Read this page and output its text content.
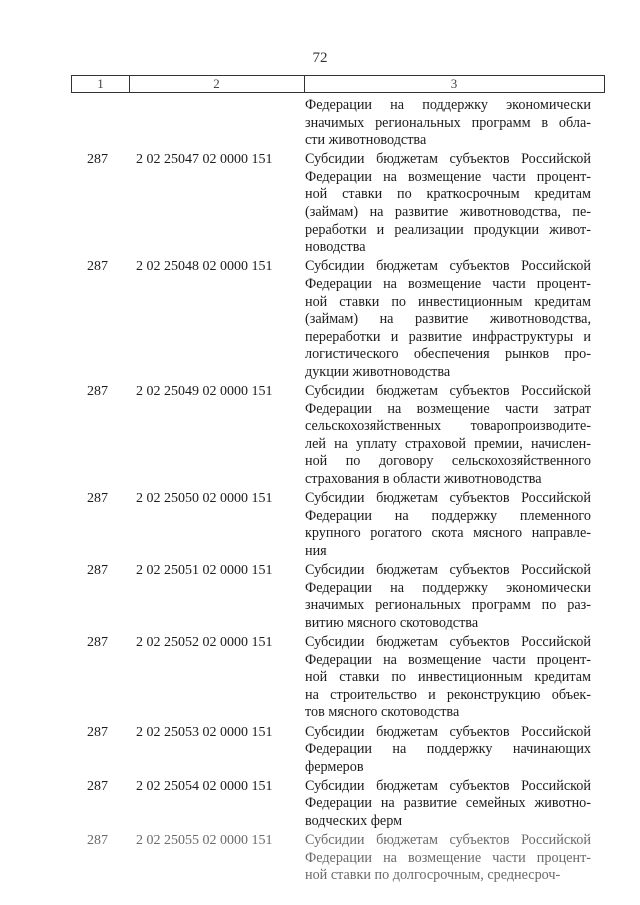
72
1	2	3
Федерации на поддержку экономически
значимых региональных программ в обла-
сти животноводства
287	2 02 25047 02 0000 151	Субсидии бюджетам субъектов Российской
Федерации на возмещение части процент-
ной ставки по краткосрочным кредитам
(займам) на развитие животноводства, пе-
реработки и реализации продукции живот-
новодства
287	2 02 25048 02 0000 151	Субсидии бюджетам субъектов Российской
Федерации на возмещение части процент-
ной ставки по инвестиционным кредитам
(займам) на развитие животноводства,
переработки и развитие инфраструктуры и
логистического обеспечения рынков про-
дукции животноводства
287	2 02 25049 02 0000 151	Субсидии бюджетам субъектов Российской
Федерации на возмещение части затрат
сельскохозяйственных товаропроизводите-
лей на уплату страховой премии, начислен-
ной по договору сельскохозяйственного
страхования в области животноводства
287	2 02 25050 02 0000 151	Субсидии бюджетам субъектов Российской
Федерации на поддержку племенного
крупного рогатого скота мясного направле-
ния
287	2 02 25051 02 0000 151	Субсидии бюджетам субъектов Российской
Федерации на поддержку экономически
значимых региональных программ по раз-
витию мясного скотоводства
287	2 02 25052 02 0000 151	Субсидии бюджетам субъектов Российской
Федерации на возмещение части процент-
ной ставки по инвестиционным кредитам
на строительство и реконструкцию объек-
тов мясного скотоводства
287	2 02 25053 02 0000 151	Субсидии бюджетам субъектов Российской
Федерации на поддержку начинающих
фермеров
287	2 02 25054 02 0000 151	Субсидии бюджетам субъектов Российской
Федерации на развитие семейных животно-
водческих ферм
287	2 02 25055 02 0000 151	Субсидии бюджетам субъектов Российской
Федерации на возмещение части процент-
ной ставки по долгосрочным, среднесроч-
